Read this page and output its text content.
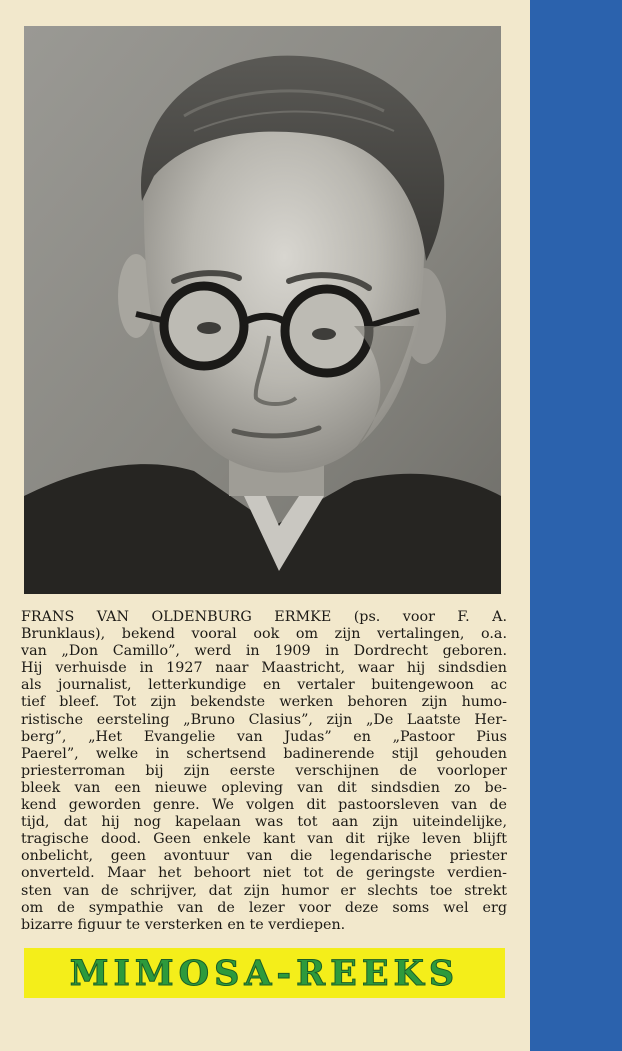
FRANS VAN OLDENBURG ERMKE (ps. voor F. A.
Brunklaus), bekend vooral ook om zijn vertalingen, o.a.
van „Don Camillo”, werd in 1909 in Dordrecht geboren.
Hij verhuisde in 1927 naar Maastricht, waar hij sindsdien
als journalist, letterkundige en vertaler buitengewoon ac
tief bleef. Tot zijn bekendste werken behoren zijn humo-
ristische eersteling „Bruno Clasius”, zijn „De Laatste Her-
berg”, „Het Evangelie van Judas” en „Pastoor Pius
Paerel”, welke in schertsend badinerende stijl gehouden
priesterroman bij zijn eerste verschijnen de voorloper
bleek van een nieuwe opleving van dit sindsdien zo be-
kend geworden genre. We volgen dit pastoorsleven van de
tijd, dat hij nog kapelaan was tot aan zijn uiteindelijke,
tragische dood. Geen enkele kant van dit rijke leven blijft
onbelicht, geen avontuur van die legendarische priester
onverteld. Maar het behoort niet tot de geringste verdien-
sten van de schrijver, dat zijn humor er slechts toe strekt
om de sympathie van de lezer voor deze soms wel erg
bizarre figuur te versterken en te verdiepen.
MIMOSA-REEKS
